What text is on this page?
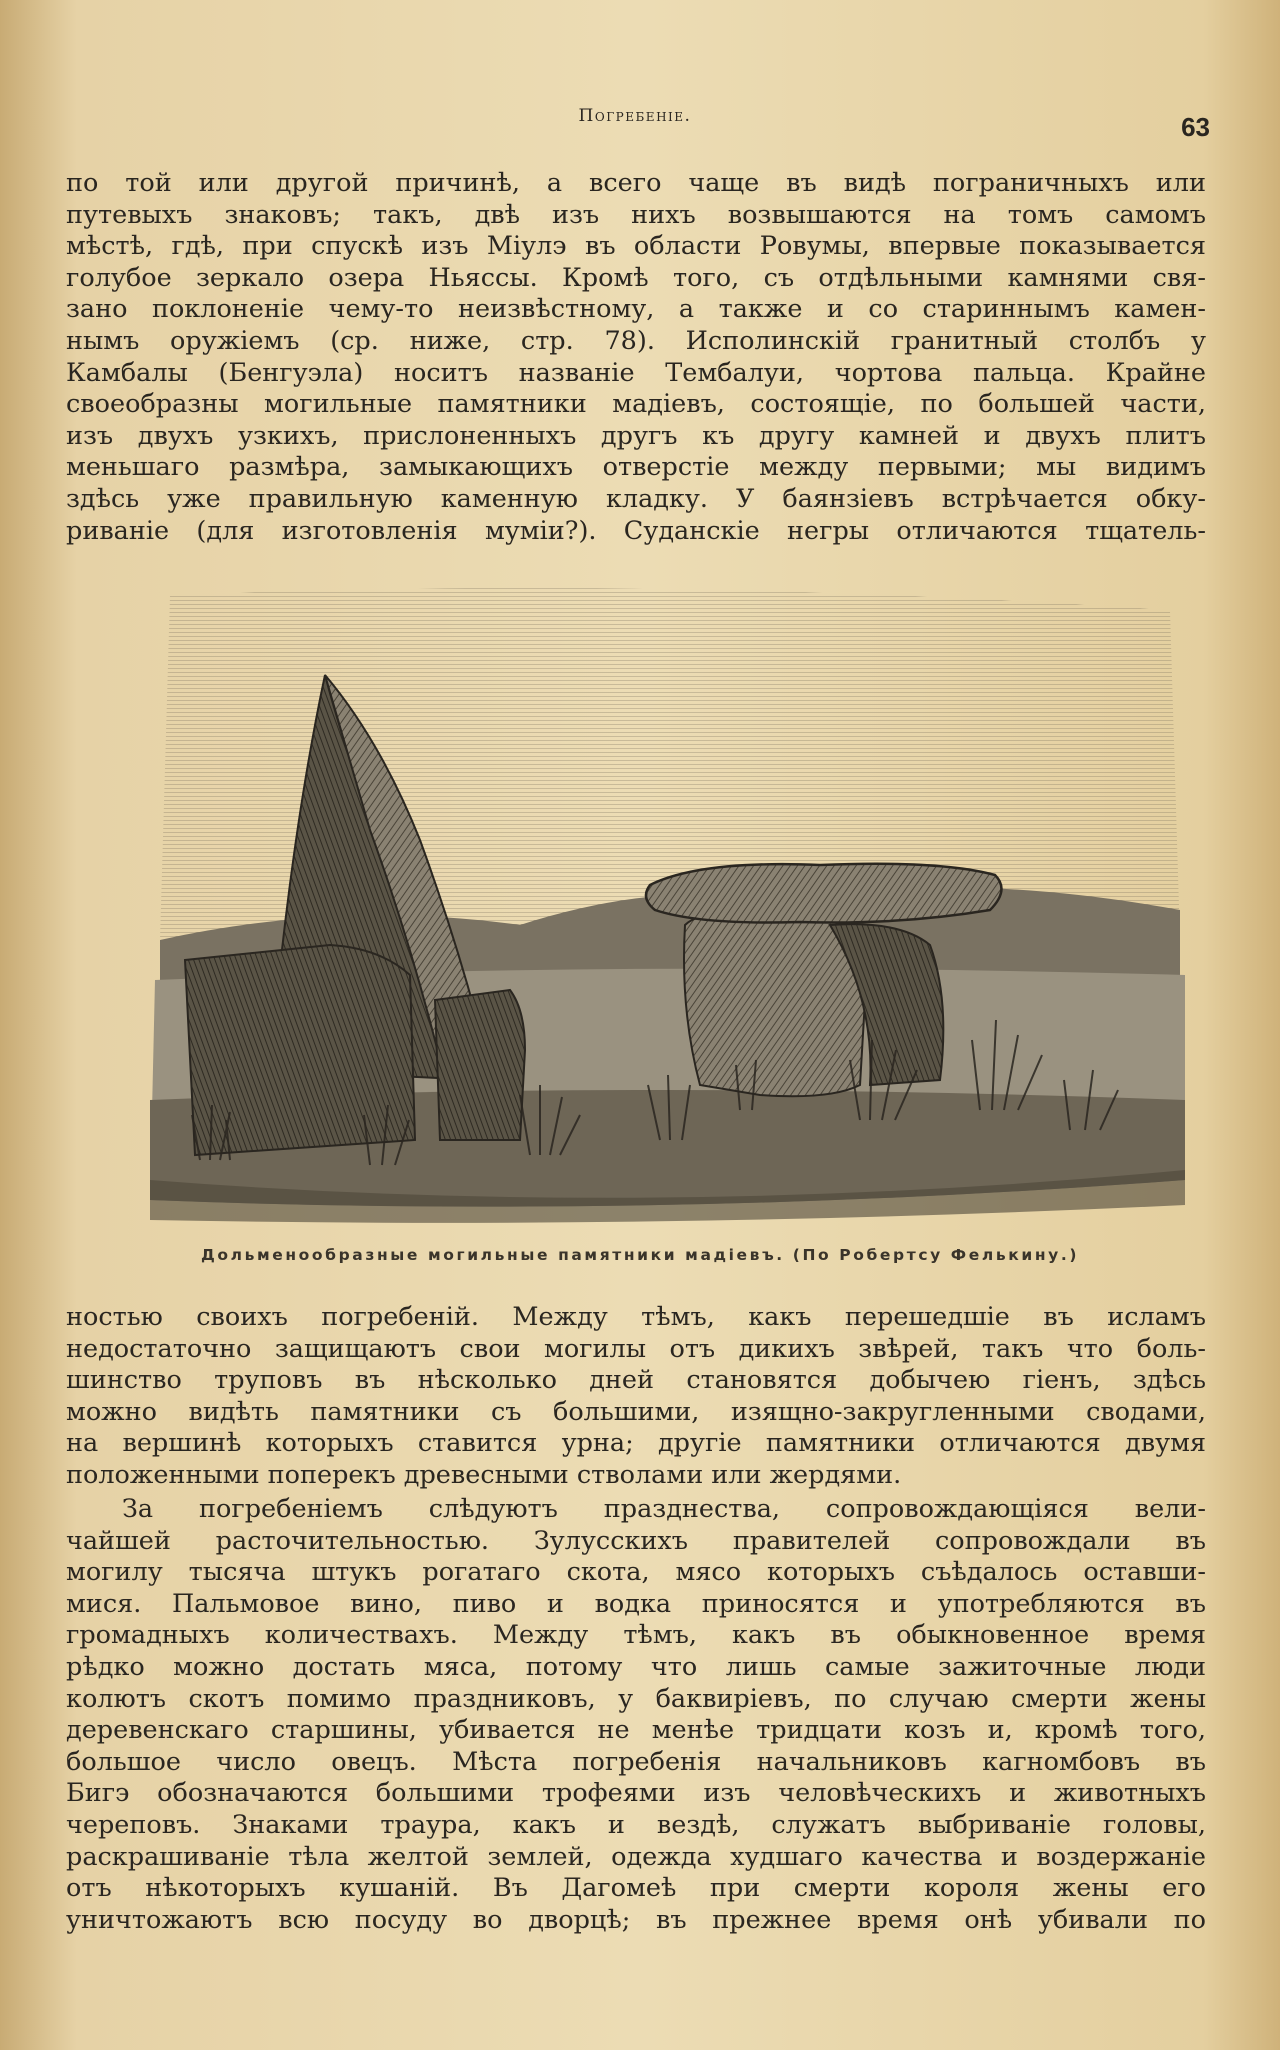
Погребеніе.	63
по той или другой причинѣ, а всего чаще въ видѣ пограничныхъ или
путевыхъ знаковъ; такъ, двѣ изъ нихъ возвышаются на томъ самомъ
мѣстѣ, гдѣ, при спускѣ изъ Міулэ въ области Ровумы, впервые показывается
голубое зеркало озера Ньяссы. Кромѣ того, съ отдѣльными камнями свя-
зано поклоненіе чему-то неизвѣстному, а также и со стариннымъ камен-
нымъ оружіемъ (ср. ниже, стр. 78). Исполинскій гранитный столбъ у
Камбалы (Бенгуэла) носитъ названіе Тембалуи, чортова пальца. Крайне
своеобразны могильные памятники мадіевъ, состоящіе, по большей части,
изъ двухъ узкихъ, прислоненныхъ другъ къ другу камней и двухъ плитъ
меньшаго размѣра, замыкающихъ отверстіе между первыми; мы видимъ
здѣсь уже правильную каменную кладку. У баянзіевъ встрѣчается обку-
риваніе (для изготовленія муміи?). Суданскіе негры отличаются тщатель-
Дольменообразные могильные памятники мадіевъ. (По Робертсу Фелькину.)
ностью своихъ погребеній. Между тѣмъ, какъ перешедшіе въ исламъ
недостаточно защищаютъ свои могилы отъ дикихъ звѣрей, такъ что боль-
шинство труповъ въ нѣсколько дней становятся добычею гіенъ, здѣсь
можно видѣть памятники съ большими, изящно-закругленными сводами,
на вершинѣ которыхъ ставится урна; другіе памятники отличаются двумя
положенными поперекъ древесными стволами или жердями.
За погребеніемъ слѣдуютъ празднества, сопровождающіяся вели-
чайшей расточительностью. Зулусскихъ правителей сопровождали въ
могилу тысяча штукъ рогатаго скота, мясо которыхъ съѣдалось оставши-
мися. Пальмовое вино, пиво и водка приносятся и употребляются въ
громадныхъ количествахъ. Между тѣмъ, какъ въ обыкновенное время
рѣдко можно достать мяса, потому что лишь самые зажиточные люди
колютъ скотъ помимо праздниковъ, у баквиріевъ, по случаю смерти жены
деревенскаго старшины, убивается не менѣе тридцати козъ и, кромѣ того,
большое число овецъ. Мѣста погребенія начальниковъ кагномбовъ въ
Бигэ обозначаются большими трофеями изъ человѣческихъ и животныхъ
череповъ. Знаками траура, какъ и вездѣ, служатъ выбриваніе головы,
раскрашиваніе тѣла желтой землей, одежда худшаго качества и воздержаніе
отъ нѣкоторыхъ кушаній. Въ Дагомеѣ при смерти короля жены его
уничтожаютъ всю посуду во дворцѣ; въ прежнее время онѣ убивали по
